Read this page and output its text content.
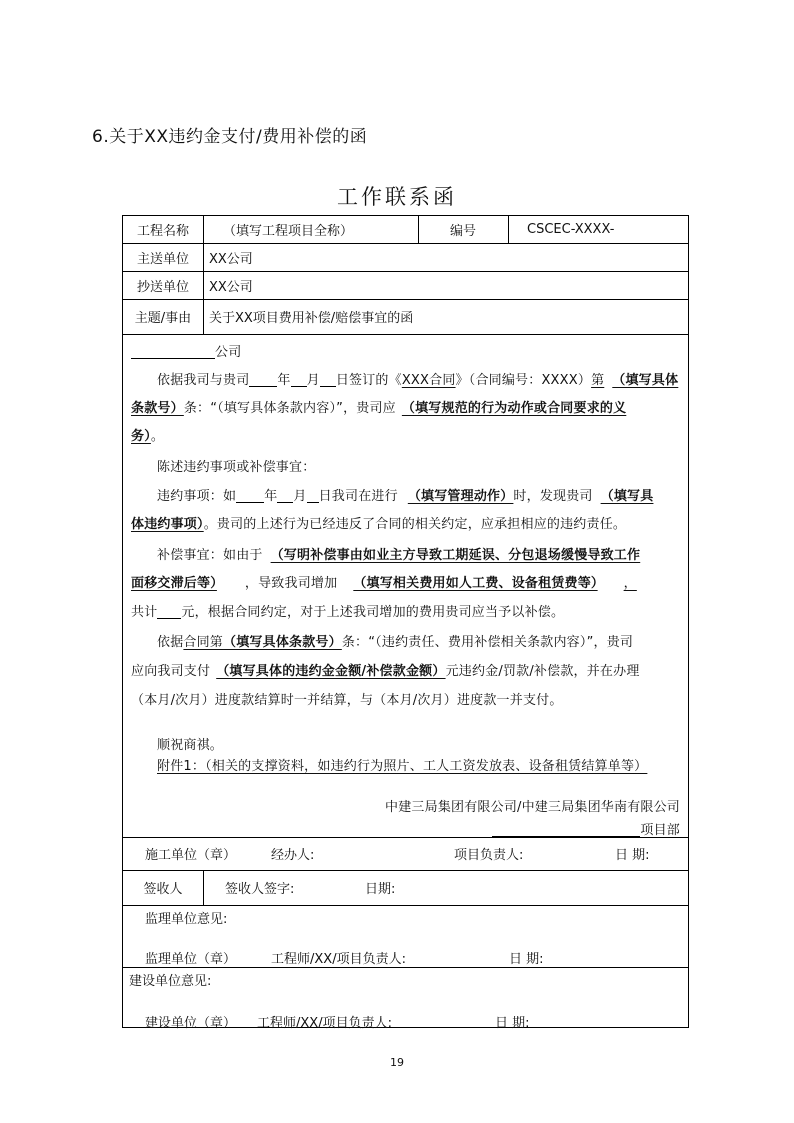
6.关于XX违约金支付/费用补偿的函
工作联系函
工程名称	（填写工程项目全称）	编号	CSCEC-XXXX-
主送单位	XX公司
抄送单位	XX公司
主题/事由	关于XX项目费用补偿/赔偿事宜的函
公司
依据我司与贵司 年 月 日签订的《XXX合同》（合同编号：XXXX）第 （填写具体
条款号）条：“（填写具体条款内容）”，贵司应 （填写规范的行为动作或合同要求的义
务）。
陈述违约事项或补偿事宜：
违约事项：如 年 月 日我司在进行 （填写管理动作）时，发现贵司 （填写具
体违约事项）。贵司的上述行为已经违反了合同的相关约定，应承担相应的违约责任。
补偿事宜：如由于 （写明补偿事由如业主方导致工期延误、分包退场缓慢导致工作
面移交滞后等） ，导致我司增加 （填写相关费用如人工费、设备租赁费等） ，
共计 元，根据合同约定，对于上述我司增加的费用贵司应当予以补偿。
依据合同第（填写具体条款号）条：“（违约责任、费用补偿相关条款内容）”，贵司
应向我司支付 （填写具体的违约金金额/补偿款金额）元违约金/罚款/补偿款，并在办理
（本月/次月）进度款结算时一并结算，与（本月/次月）进度款一并支付。
顺祝商祺。
附件1：（相关的支撑资料，如违约行为照片、工人工资发放表、设备租赁结算单等）
中建三局集团有限公司/中建三局集团华南有限公司
项目部
施工单位（章）	经办人:	项目负责人:	日 期:
签收人	签收人签字:	日期:
监理单位意见:
监理单位（章）	工程师/XX/项目负责人:	日 期:
建设单位意见:
建设单位（章） 工程师/XX/项目负责人:	日 期:
19
